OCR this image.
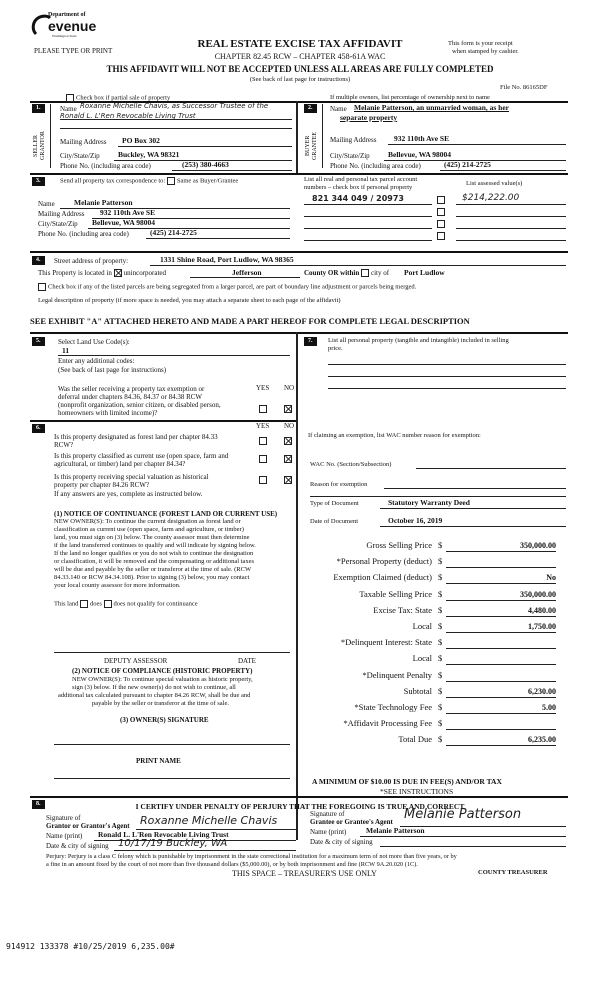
Department of
evenue
Washington State
PLEASE TYPE OR PRINT
REAL ESTATE EXCISE TAX AFFIDAVIT
CHAPTER 82.45 RCW – CHAPTER 458-61A WAC
THIS AFFIDAVIT WILL NOT BE ACCEPTED UNLESS ALL AREAS ARE FULLY COMPLETED
(See back of last page for instructions)
This form is your receipt
when stamped by cashier.
File No. 86165DF
Check box if partial sale of property	If multiple owners, list percentage of ownership next to name
1.
SELLER GRANTOR
Name Roxanne Michelle Chavis, as Successor Trustee of the
Ronald L. L'Ren Revocable Living Trust
Mailing Address PO Box 302
City/State/Zip Buckley, WA 98321
Phone No. (including area code)	(253) 380-4663
2.
BUYER GRANTEE
Name Melanie Patterson, an unmarried woman, as her
separate property
Mailing Address 932 110th Ave SE
City/State/Zip Bellevue, WA 98004
Phone No. (including area code)	(425) 214-2725
3.	Send all property tax correspondence to: Same as Buyer/Grantee	List all real and personal tax parcel account
numbers – check box if personal property
List assessed value(s)
821 344 049 / 20973	$214,222.00
Name	Melanie Patterson
Mailing Address 932 110th Ave SE
City/State/Zip Bellevue, WA 98004
Phone No. (including area code)	(425) 214-2725
4.	Street address of property:	1331 Shine Road, Port Ludlow, WA 98365
This Property is located in unincorporated	Jefferson	County OR within city of Port Ludlow
Check box if any of the listed parcels are being segregated from a larger parcel, are part of boundary line adjustment or parcels being merged.
Legal description of property (if more space is needed, you may attach a separate sheet to each page of the affidavit)
SEE EXHIBIT "A" ATTACHED HERETO AND MADE A PART HEREOF FOR COMPLETE LEGAL DESCRIPTION
5.	Select Land Use Code(s):
11
Enter any additional codes:
(See back of last page for instructions)
YES NO
Was the seller receiving a property tax exemption or
deferral under chapters 84.36, 84.37 or 84.38 RCW
(nonprofit organization, senior citizen, or disabled person,
homeowners with limited income)?
6.	YES NO
Is this property designated as forest land per chapter 84.33
RCW?
Is this property classified as current use (open space, farm and
agricultural, or timber) land per chapter 84.34?
Is this property receiving special valuation as historical
property per chapter 84.26 RCW?
If any answers are yes, complete as instructed below.
(1) NOTICE OF CONTINUANCE (FOREST LAND OR CURRENT USE)
NEW OWNER(S): To continue the current designation as forest land or
classification as current use (open space, farm and agriculture, or timber)
land, you must sign on (3) below. The county assessor must then determine
if the land transferred continues to qualify and will indicate by signing below.
If the land no longer qualifies or you do not wish to continue the designation
or classification, it will be removed and the compensating or additional taxes
will be due and payable by the seller or transferor at the time of sale. (RCW
84.33.140 or RCW 84.34.108). Prior to signing (3) below, you may contact
your local county assessor for more information.
This land does does not qualify for continuance
DEPUTY ASSESSOR	DATE
(2) NOTICE OF COMPLIANCE (HISTORIC PROPERTY)
NEW OWNER(S): To continue special valuation as historic property,
sign (3) below. If the new owner(s) do not wish to continue, all
additional tax calculated pursuant to chapter 84.26 RCW, shall be due and
payable by the seller or transferor at the time of sale.
(3) OWNER(S) SIGNATURE
PRINT NAME
7.	List all personal property (tangible and intangible) included in selling
price.
If claiming an exemption, list WAC number reason for exemption:
WAC No. (Section/Subsection)
Reason for exemption
Type of Document	Statutory Warranty Deed
Date of Document	October 16, 2019
Gross Selling Price $	350,000.00
*Personal Property (deduct) $
Exemption Claimed (deduct) $	No
Taxable Selling Price $	350,000.00
Excise Tax: State $	4,480.00
Local $	1,750.00
*Delinquent Interest: State $
Local $
*Delinquent Penalty $
Subtotal $	6,230.00
*State Technology Fee $	5.00
*Affidavit Processing Fee $
Total Due $	6,235.00
A MINIMUM OF $10.00 IS DUE IN FEE(S) AND/OR TAX
*SEE INSTRUCTIONS
8.	I CERTIFY UNDER PENALTY OF PERJURY THAT THE FOREGOING IS TRUE AND CORRECT
Signature of
Grantor or Grantor's Agent Roxanne Michelle Chavis
Name (print) Ronald L. L'Ren Revocable Living Trust
Date & city of signing 10/17/19 Buckley, WA
Signature of
Grantee or Grantee's Agent Melanie Patterson
Name (print)	Melanie Patterson
Date & city of signing
Perjury: Perjury is a class C felony which is punishable by imprisonment in the state correctional institution for a maximum term of not more than five years, or by
a fine in an amount fixed by the court of not more than five thousand dollars ($5,000.00), or by both imprisonment and fine (RCW 9A.20.020 (1C).
THIS SPACE – TREASURER'S USE ONLY	COUNTY TREASURER
914912 133378 #10/25/2019 6,235.00#
